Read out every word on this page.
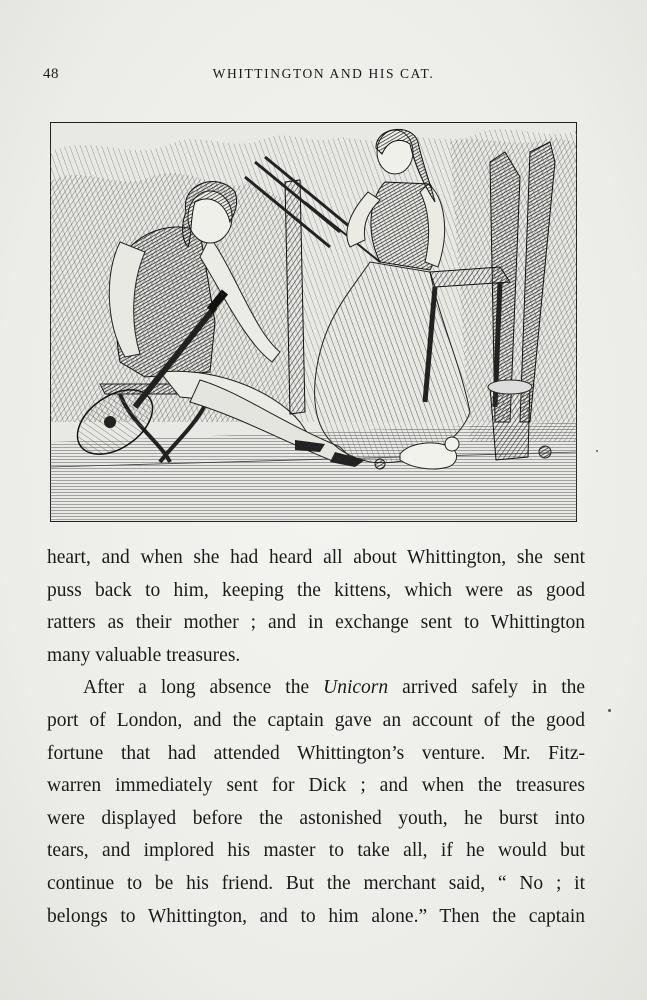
48	WHITTINGTON AND HIS CAT.
heart, and when she had heard all about Whittington, she sent
puss back to him, keeping the kittens, which were as good
ratters as their mother ; and in exchange sent to Whittington
many valuable treasures.
After a long absence the Unicorn arrived safely in the
port of London, and the captain gave an account of the good
fortune that had attended Whittington’s venture. Mr. Fitz-
warren immediately sent for Dick ; and when the treasures
were displayed before the astonished youth, he burst into
tears, and implored his master to take all, if he would but
continue to be his friend. But the merchant said, “ No ; it
belongs to Whittington, and to him alone.” Then the captain
